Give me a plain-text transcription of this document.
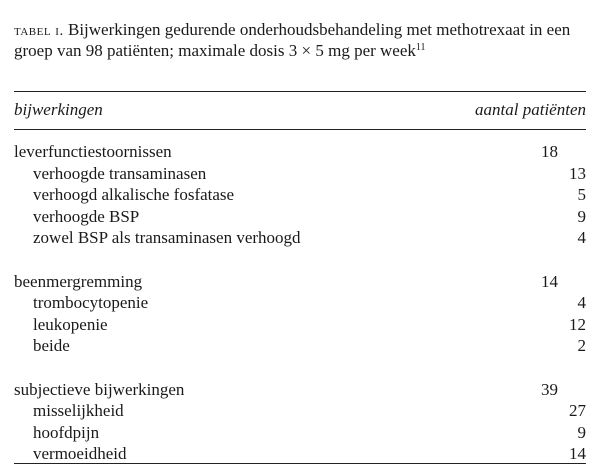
tabel i. Bijwerkingen gedurende onderhoudsbehandeling met methotrexaat in een groep van 98 patiënten; maximale dosis 3 × 5 mg per week$^{11}$
bijwerkingen	aantal patiënten
leverfunctiestoornissen	18
verhoogde transaminasen	13
verhoogd alkalische fosfatase	5
verhoogde BSP	9
zowel BSP als transaminasen verhoogd	4
beenmergremming	14
trombocytopenie	4
leukopenie	12
beide	2
subjectieve bijwerkingen	39
misselijkheid	27
hoofdpijn	9
vermoeidheid	14
